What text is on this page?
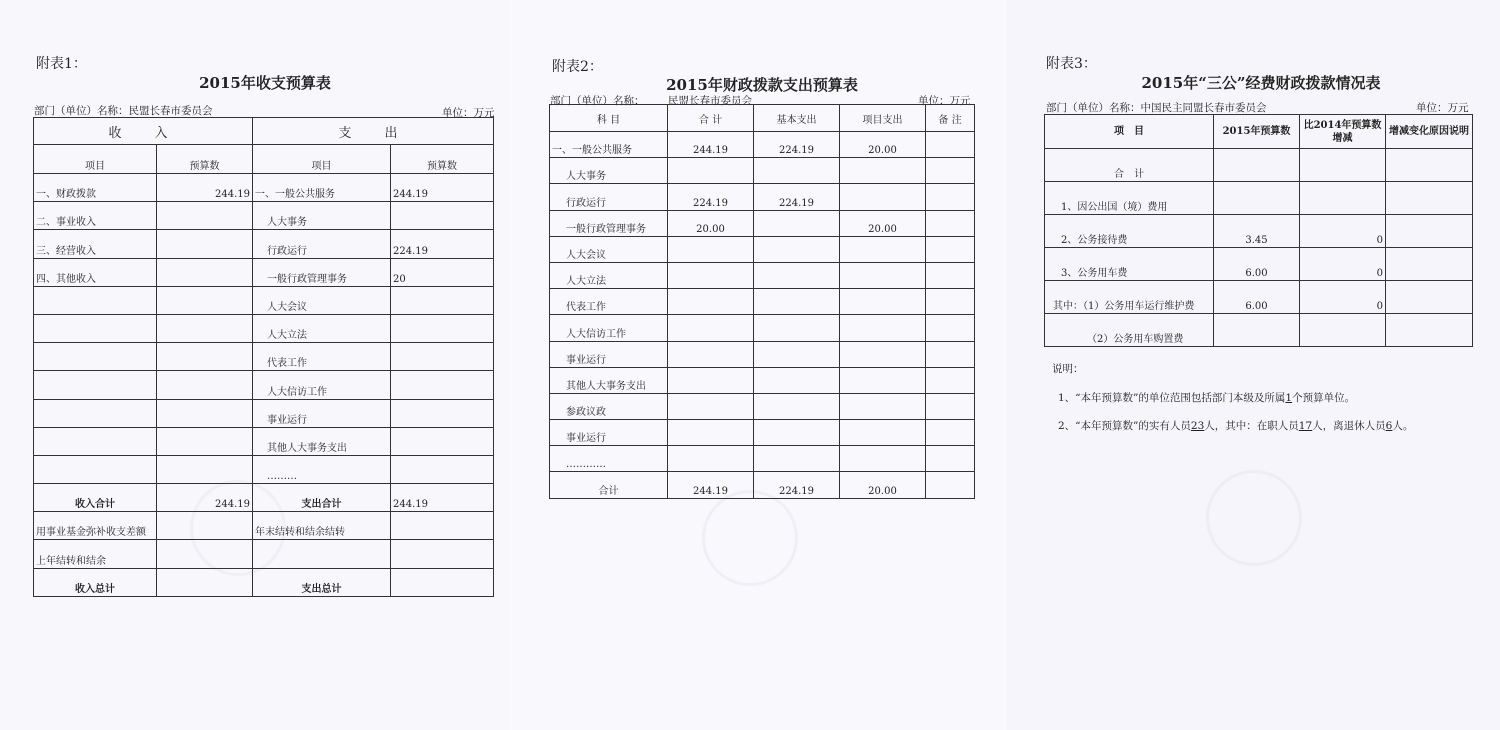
附表1：
2015年收支预算表
部门（单位）名称：民盟长春市委员会	单位：万元
收　入		支　出	
项目	预算数	项目	预算数
一、财政拨款	244.19	一、一般公共服务	244.19
二、事业收入		人大事务	
三、经营收入		行政运行	224.19
四、其他收入		一般行政管理事务	20
		人大会议	
		人大立法	
		代表工作	
		人大信访工作	
		事业运行	
		其他人大事务支出	
		………	
收入合计	244.19	支出合计	244.19
用事业基金弥补收支差额		年末结转和结余结转	
上年结转和结余			
收入总计		支出总计	
附表2：
2015年财政拨款支出预算表
部门（单位）名称： 民盟长春市委员会	单位：万元
科 目	合 计	基本支出	项目支出	备 注
一、一般公共服务	244.19	224.19	20.00	
人大事务				
行政运行	224.19	224.19		
一般行政管理事务	20.00		20.00	
人大会议				
人大立法				
代表工作				
人大信访工作				
事业运行				
其他人大事务支出				
参政议政				
事业运行				
…………				
合计	244.19	224.19	20.00	
附表3：
2015年“三公”经费财政拨款情况表
部门（单位）名称：中国民主同盟长春市委员会	单位：万元
项　目	2015年预算数	比2014年预算数增减	增减变化原因说明
合　计			
1、因公出国（境）费用			
2、公务接待费	3.45	0	
3、公务用车费	6.00	0	
其中：（1）公务用车运行维护费	6.00	0	
（2）公务用车购置费			
说明：
1、“本年预算数”的单位范围包括部门本级及所属1个预算单位。
2、“本年预算数”的实有人员23人，其中：在职人员17人，离退休人员6人。
